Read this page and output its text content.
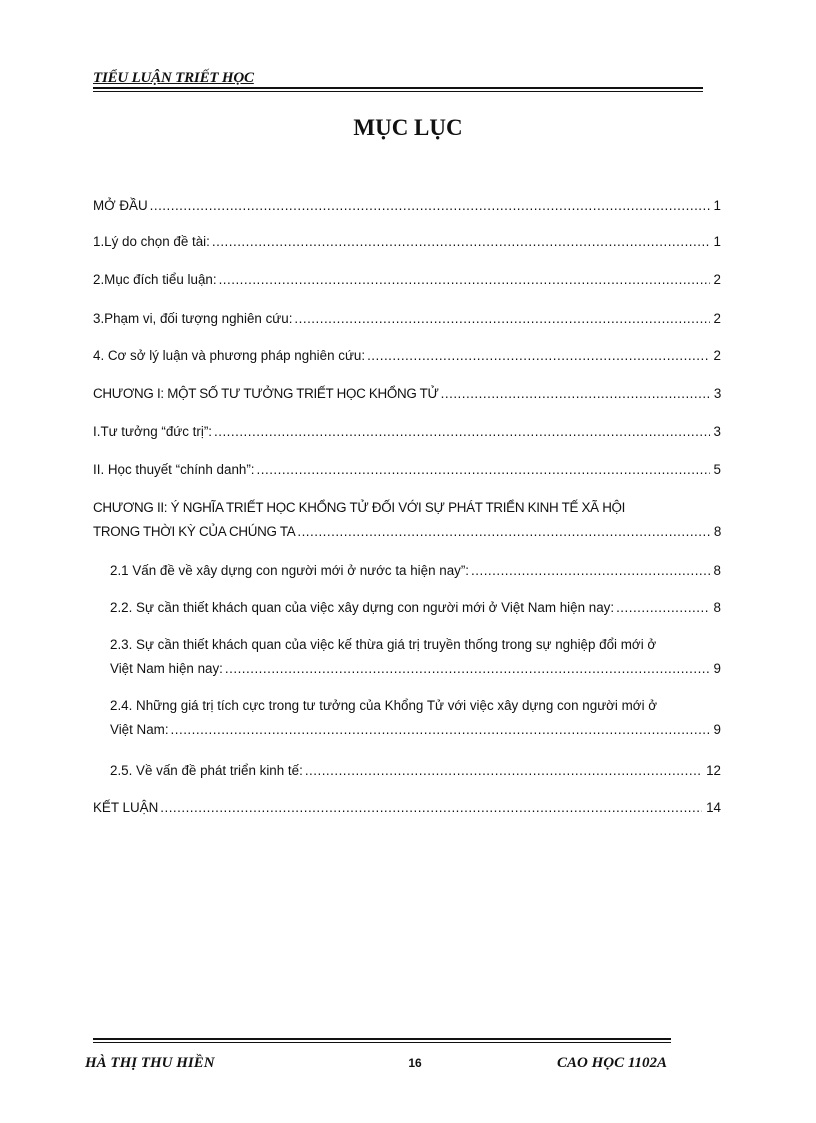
TIỂU LUẬN TRIẾT HỌC
MỤC LỤC
MỞ ĐẦU .....	1
1.Lý do chọn đề tài: .....	1
2.Mục đích tiểu luận: .....	2
3.Phạm vi, đối tượng nghiên cứu: .....	2
4. Cơ sở lý luận và phương pháp nghiên cứu: .....	2
CHƯƠNG I: MỘT SỐ TƯ TƯỞNG TRIẾT HỌC KHỔNG TỬ .....	3
I.Tư tưởng “đức trị”: .....	3
II. Học thuyết “chính danh”: .....	5
CHƯƠNG II: Ý NGHĨA TRIẾT HỌC KHỔNG TỬ ĐỐI VỚI SỰ PHÁT TRIỂN KINH TẾ XÃ HỘI
TRONG THỜI KỲ CỦA CHÚNG TA .....	8
2.1 Vấn đề về xây dựng con người mới ở nước ta hiện nay”: .....	8
2.2. Sự cần thiết khách quan của việc xây dựng con người mới ở Việt Nam hiện nay: .....	8
2.3. Sự cần thiết khách quan của việc kế thừa giá trị truyền thống trong sự nghiệp đổi mới ở
Việt Nam hiện nay: .....	9
2.4. Những giá trị tích cực trong tư tưởng của Khổng Tử với việc xây dựng con người mới ở
Việt Nam: .....	9
2.5. Về vấn đề phát triển kinh tế: .....	12
KẾT LUẬN .....	14
HÀ THỊ THU HIỀN	16	CAO HỌC 1102A
